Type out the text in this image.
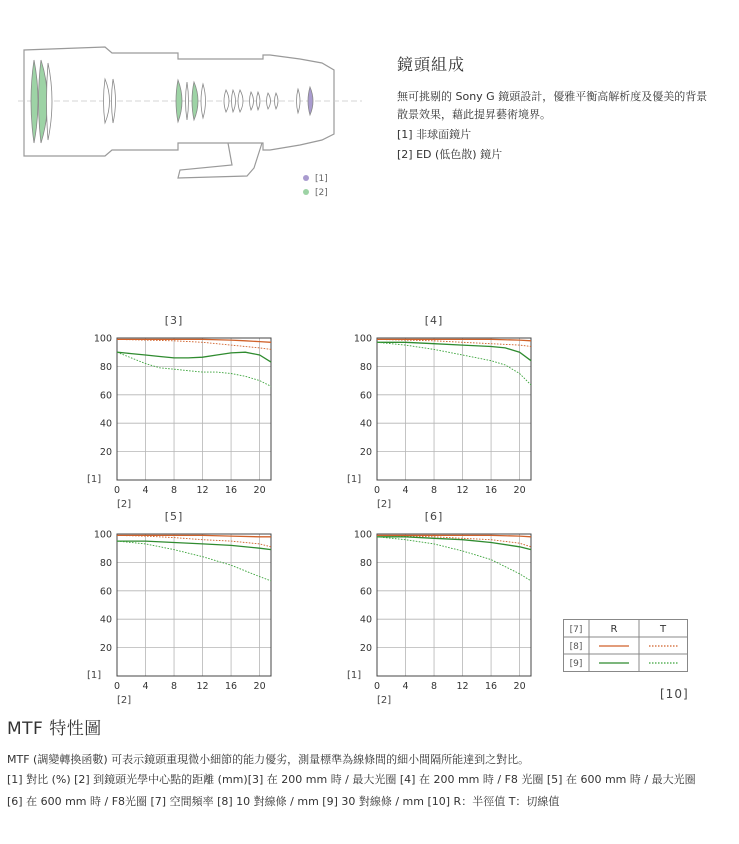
[1]
[2]
鏡頭組成
無可挑剔的 Sony G 鏡頭設計，優雅平衡高解析度及優美的背景
散景效果，藉此提昇藝術境界。
[1] 非球面鏡片
[2] ED (低色散) 鏡片
[3]
20
40
60
80
100
0 4 8 12 16 20
[1]
[2]
[4]
20
40
60
80
100
0 4 8 12 16 20
[1]
[2]
[5]
20
40
60
80
100
0 4 8 12 16 20
[1]
[2]
[6]
20
40
60
80
100
0 4 8 12 16 20
[1]
[2]
[7]	R	T
[8]
[9]
[10]
MTF 特性圖
MTF (調變轉換函數) 可表示鏡頭重現微小細節的能力優劣，測量標準為線條間的細小間隔所能達到之對比。
[1] 對比 (%) [2] 到鏡頭光學中心點的距離 (mm)[3] 在 200 mm 時 / 最大光圈 [4] 在 200 mm 時 / F8 光圈 [5] 在 600 mm 時 / 最大光圈
[6] 在 600 mm 時 / F8光圈 [7] 空間頻率 [8] 10 對線條 / mm [9] 30 對線條 / mm [10] R：半徑值 T：切線值
